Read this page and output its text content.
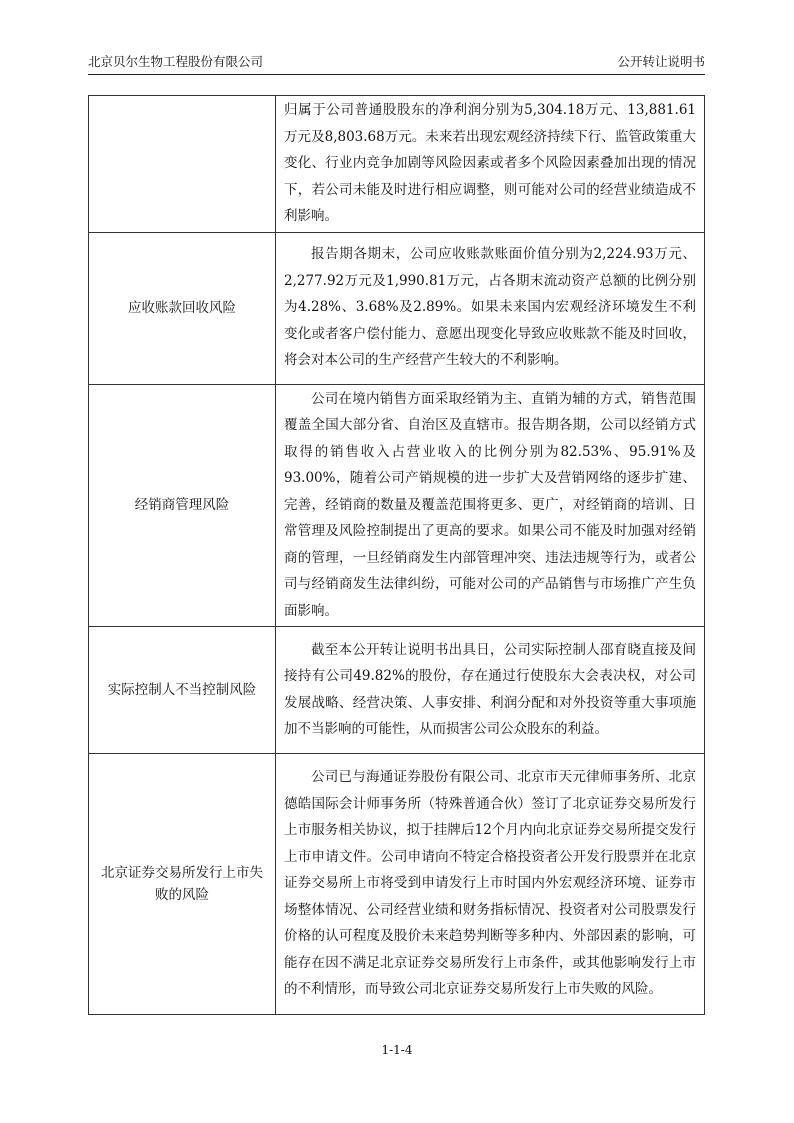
北京贝尔生物工程股份有限公司	公开转让说明书

	归属于公司普通股股东的净利润分别为5,304.18万元、13,881.61万元及8,803.68万元。未来若出现宏观经济持续下行、监管政策重大变化、行业内竞争加剧等风险因素或者多个风险因素叠加出现的情况下，若公司未能及时进行相应调整，则可能对公司的经营业绩造成不利影响。

应收账款回收风险	报告期各期末，公司应收账款账面价值分别为2,224.93万元、2,277.92万元及1,990.81万元，占各期末流动资产总额的比例分别为4.28%、3.68%及2.89%。如果未来国内宏观经济环境发生不利变化或者客户偿付能力、意愿出现变化导致应收账款不能及时回收，将会对本公司的生产经营产生较大的不利影响。

经销商管理风险	公司在境内销售方面采取经销为主、直销为辅的方式，销售范围覆盖全国大部分省、自治区及直辖市。报告期各期，公司以经销方式取得的销售收入占营业收入的比例分别为82.53%、95.91%及93.00%，随着公司产销规模的进一步扩大及营销网络的逐步扩建、完善，经销商的数量及覆盖范围将更多、更广，对经销商的培训、日常管理及风险控制提出了更高的要求。如果公司不能及时加强对经销商的管理，一旦经销商发生内部管理冲突、违法违规等行为，或者公司与经销商发生法律纠纷，可能对公司的产品销售与市场推广产生负面影响。

实际控制人不当控制风险	截至本公开转让说明书出具日，公司实际控制人邵育晓直接及间接持有公司49.82%的股份，存在通过行使股东大会表决权，对公司发展战略、经营决策、人事安排、利润分配和对外投资等重大事项施加不当影响的可能性，从而损害公司公众股东的利益。

北京证券交易所发行上市失败的风险	公司已与海通证券股份有限公司、北京市天元律师事务所、北京德皓国际会计师事务所（特殊普通合伙）签订了北京证券交易所发行上市服务相关协议，拟于挂牌后12个月内向北京证券交易所提交发行上市申请文件。公司申请向不特定合格投资者公开发行股票并在北京证券交易所上市将受到申请发行上市时国内外宏观经济环境、证券市场整体情况、公司经营业绩和财务指标情况、投资者对公司股票发行价格的认可程度及股价未来趋势判断等多种内、外部因素的影响，可能存在因不满足北京证券交易所发行上市条件，或其他影响发行上市的不利情形，而导致公司北京证券交易所发行上市失败的风险。

1-1-4
